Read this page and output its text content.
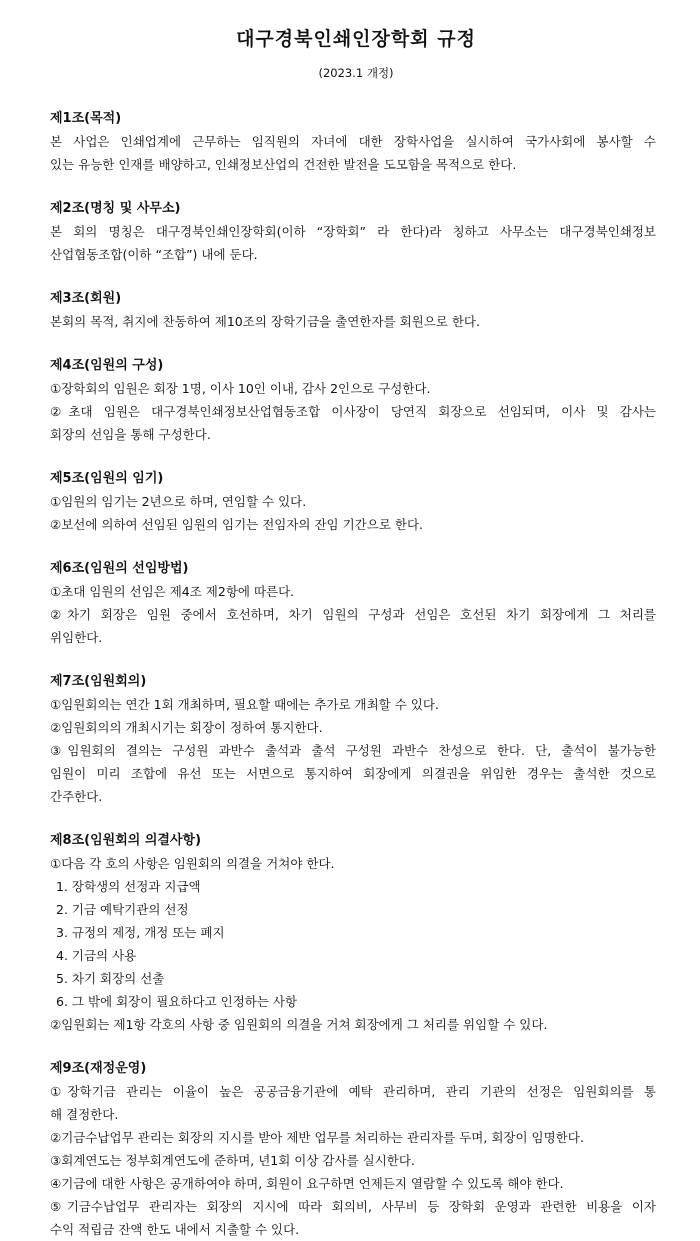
대구경북인쇄인장학회 규정
(2023.1 개정)
제1조(목적)
본 사업은 인쇄업계에 근무하는 임직원의 자녀에 대한 장학사업을 실시하여 국가사회에 봉사할 수
있는 유능한 인재를 배양하고, 인쇄정보산업의 건전한 발전을 도모함을 목적으로 한다.
제2조(명칭 및 사무소)
본 회의 명칭은 대구경북인쇄인장학회(이하 “장학회” 라 한다)라 칭하고 사무소는 대구경북인쇄정보
산업협동조합(이하 “조합”) 내에 둔다.
제3조(회원)
본회의 목적, 취지에 찬동하여 제10조의 장학기금을 출연한자를 회원으로 한다.
제4조(임원의 구성)
①장학회의 임원은 회장 1명, 이사 10인 이내, 감사 2인으로 구성한다.
②초대 임원은 대구경북인쇄정보산업협동조합 이사장이 당연직 회장으로 선임되며, 이사 및 감사는
회장의 선임을 통해 구성한다.
제5조(임원의 임기)
①임원의 임기는 2년으로 하며, 연임할 수 있다.
②보선에 의하여 선임된 임원의 임기는 전임자의 잔임 기간으로 한다.
제6조(임원의 선임방법)
①초대 임원의 선임은 제4조 제2항에 따른다.
②차기 회장은 임원 중에서 호선하며, 차기 임원의 구성과 선임은 호선된 차기 회장에게 그 처리를
위임한다.
제7조(임원회의)
①임원회의는 연간 1회 개최하며, 필요할 때에는 추가로 개최할 수 있다.
②임원회의의 개최시기는 회장이 정하여 통지한다.
③임원회의 결의는 구성원 과반수 출석과 출석 구성원 과반수 찬성으로 한다. 단, 출석이 불가능한
임원이 미리 조합에 유선 또는 서면으로 통지하여 회장에게 의결권을 위임한 경우는 출석한 것으로
간주한다.
제8조(임원회의 의결사항)
①다음 각 호의 사항은 임원회의 의결을 거쳐야 한다.
1. 장학생의 선정과 지급액
2. 기금 예탁기관의 선정
3. 규정의 제정, 개정 또는 폐지
4. 기금의 사용
5. 차기 회장의 선출
6. 그 밖에 회장이 필요하다고 인정하는 사항
②임원회는 제1항 각호의 사항 중 임원회의 의결을 거쳐 회장에게 그 처리를 위임할 수 있다.
제9조(재정운영)
①장학기금 관리는 이율이 높은 공공금융기관에 예탁 관리하며, 관리 기관의 선정은 임원회의를 통
해 결정한다.
②기금수납업무 관리는 회장의 지시를 받아 제반 업무를 처리하는 관리자를 두며, 회장이 임명한다.
③회계연도는 정부회계연도에 준하며, 년1회 이상 감사를 실시한다.
④기금에 대한 사항은 공개하여야 하며, 회원이 요구하면 언제든지 열람할 수 있도록 해야 한다.
⑤기금수납업무 관리자는 회장의 지시에 따라 회의비, 사무비 등 장학회 운영과 관련한 비용을 이자
수익 적립금 잔액 한도 내에서 지출할 수 있다.
